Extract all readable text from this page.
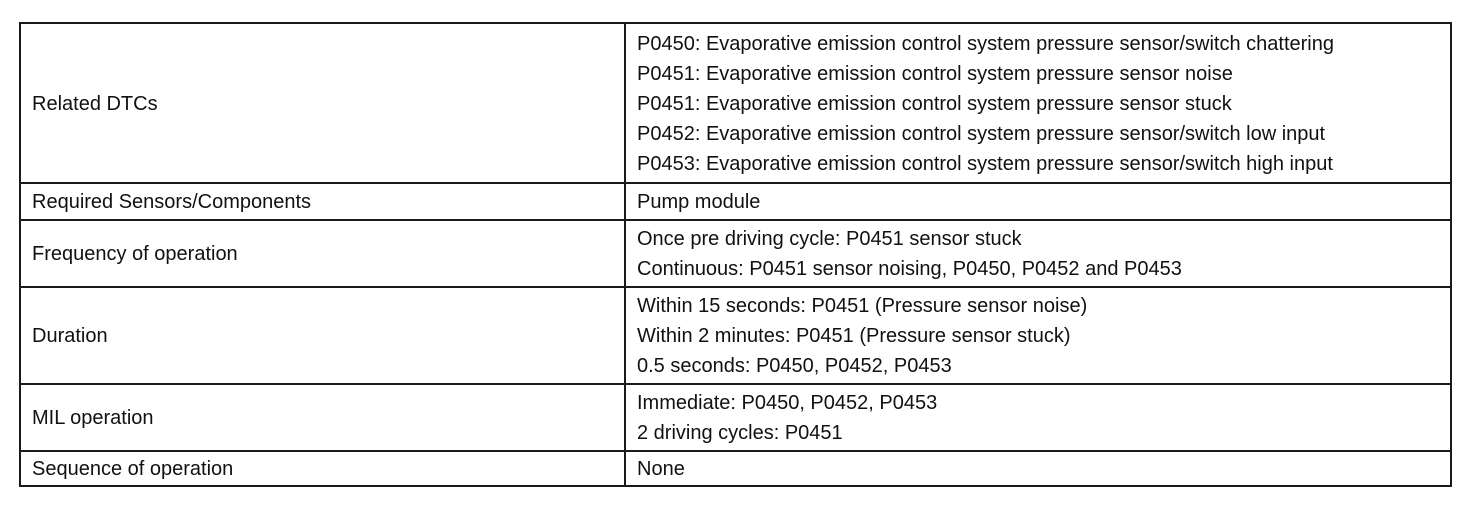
Related DTCs	P0450: Evaporative emission control system pressure sensor/switch chattering
P0451: Evaporative emission control system pressure sensor noise
P0451: Evaporative emission control system pressure sensor stuck
P0452: Evaporative emission control system pressure sensor/switch low input
P0453: Evaporative emission control system pressure sensor/switch high input

Required Sensors/Components	Pump module

Frequency of operation	Once pre driving cycle: P0451 sensor stuck
Continuous: P0451 sensor noising, P0450, P0452 and P0453

Duration	Within 15 seconds: P0451 (Pressure sensor noise)
Within 2 minutes: P0451 (Pressure sensor stuck)
0.5 seconds: P0450, P0452, P0453

MIL operation	Immediate: P0450, P0452, P0453
2 driving cycles: P0451

Sequence of operation	None
